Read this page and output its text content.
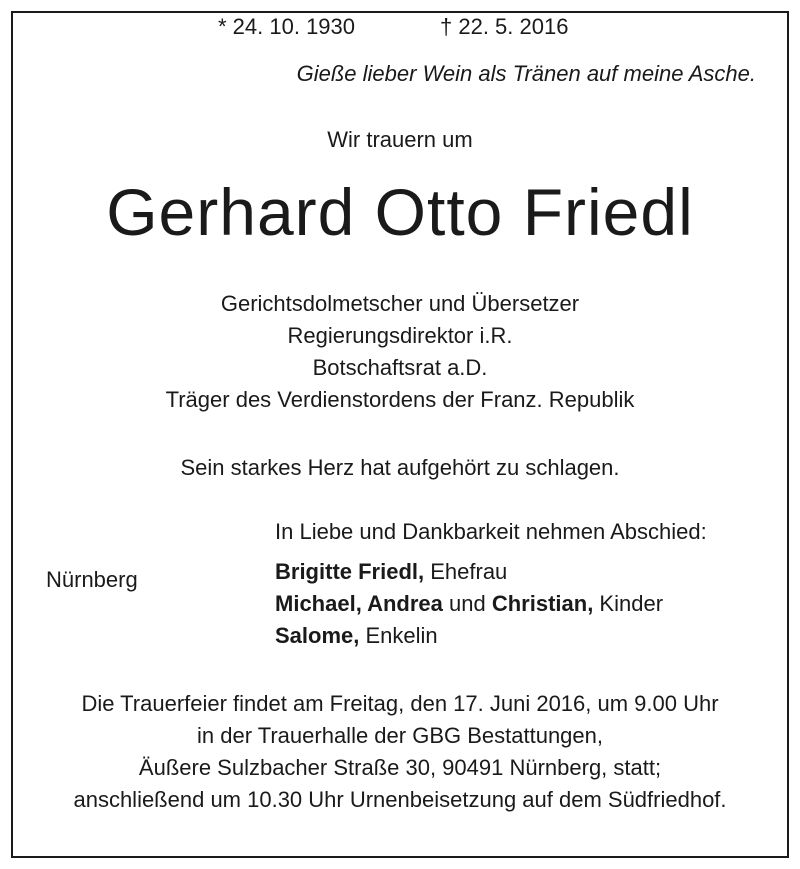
Gieße lieber Wein als Tränen auf meine Asche.
Wir trauern um
Gerhard Otto Friedl
* 24. 10. 1930	† 22. 5. 2016
Gerichtsdolmetscher und Übersetzer
Regierungsdirektor i.R.
Botschaftsrat a.D.
Träger des Verdienstordens der Franz. Republik
Sein starkes Herz hat aufgehört zu schlagen.
In Liebe und Dankbarkeit nehmen Abschied:
Nürnberg	Brigitte Friedl, Ehefrau
Michael, Andrea und Christian, Kinder
Salome, Enkelin
Die Trauerfeier findet am Freitag, den 17. Juni 2016, um 9.00 Uhr
in der Trauerhalle der GBG Bestattungen,
Äußere Sulzbacher Straße 30, 90491 Nürnberg, statt;
anschließend um 10.30 Uhr Urnenbeisetzung auf dem Südfriedhof.
